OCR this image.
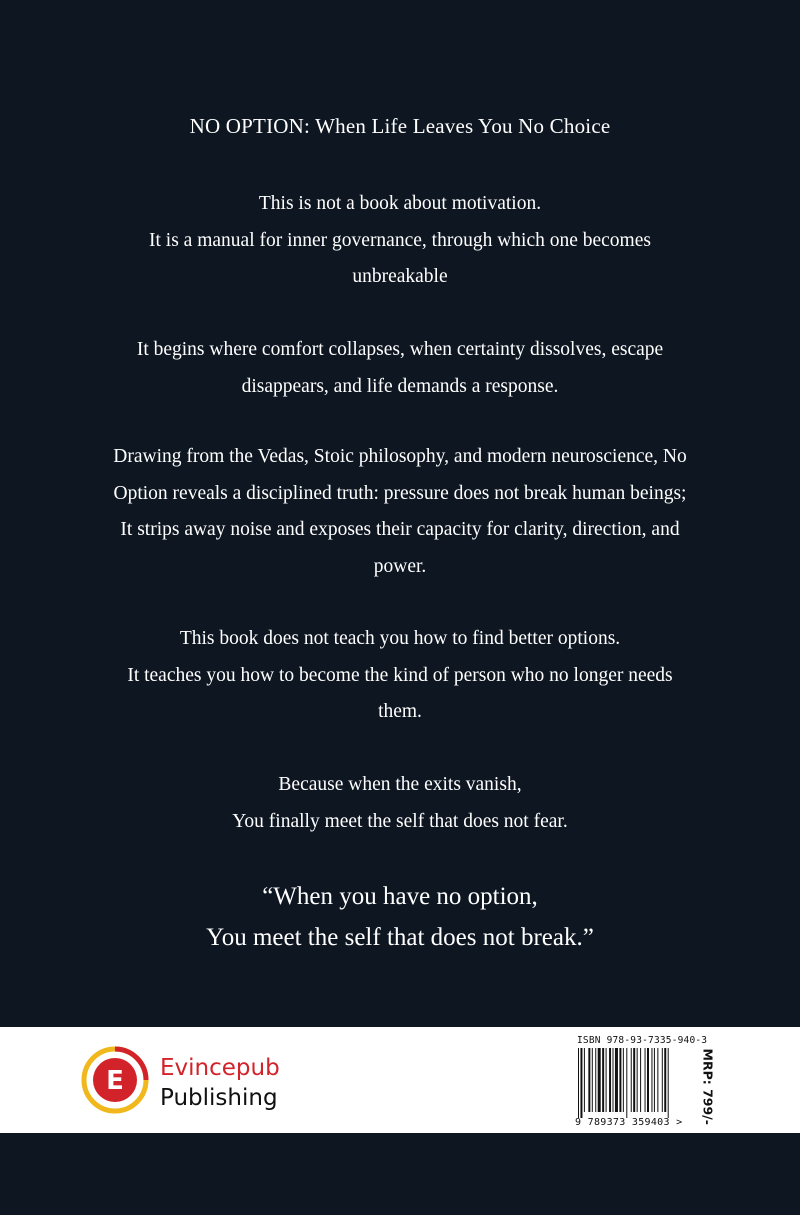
NO OPTION: When Life Leaves You No Choice
This is not a book about motivation.
It is a manual for inner governance, through which one becomes
unbreakable
It begins where comfort collapses, when certainty dissolves, escape
disappears, and life demands a response.
Drawing from the Vedas, Stoic philosophy, and modern neuroscience, No
Option reveals a disciplined truth: pressure does not break human beings;
It strips away noise and exposes their capacity for clarity, direction, and
power.
This book does not teach you how to find better options.
It teaches you how to become the kind of person who no longer needs
them.
Because when the exits vanish,
You finally meet the self that does not fear.
“When you have no option,
You meet the self that does not break.”
E Evincepub
Publishing
ISBN 978-93-7335-940-3
9 789373 359403 >	MRP: 799/-
